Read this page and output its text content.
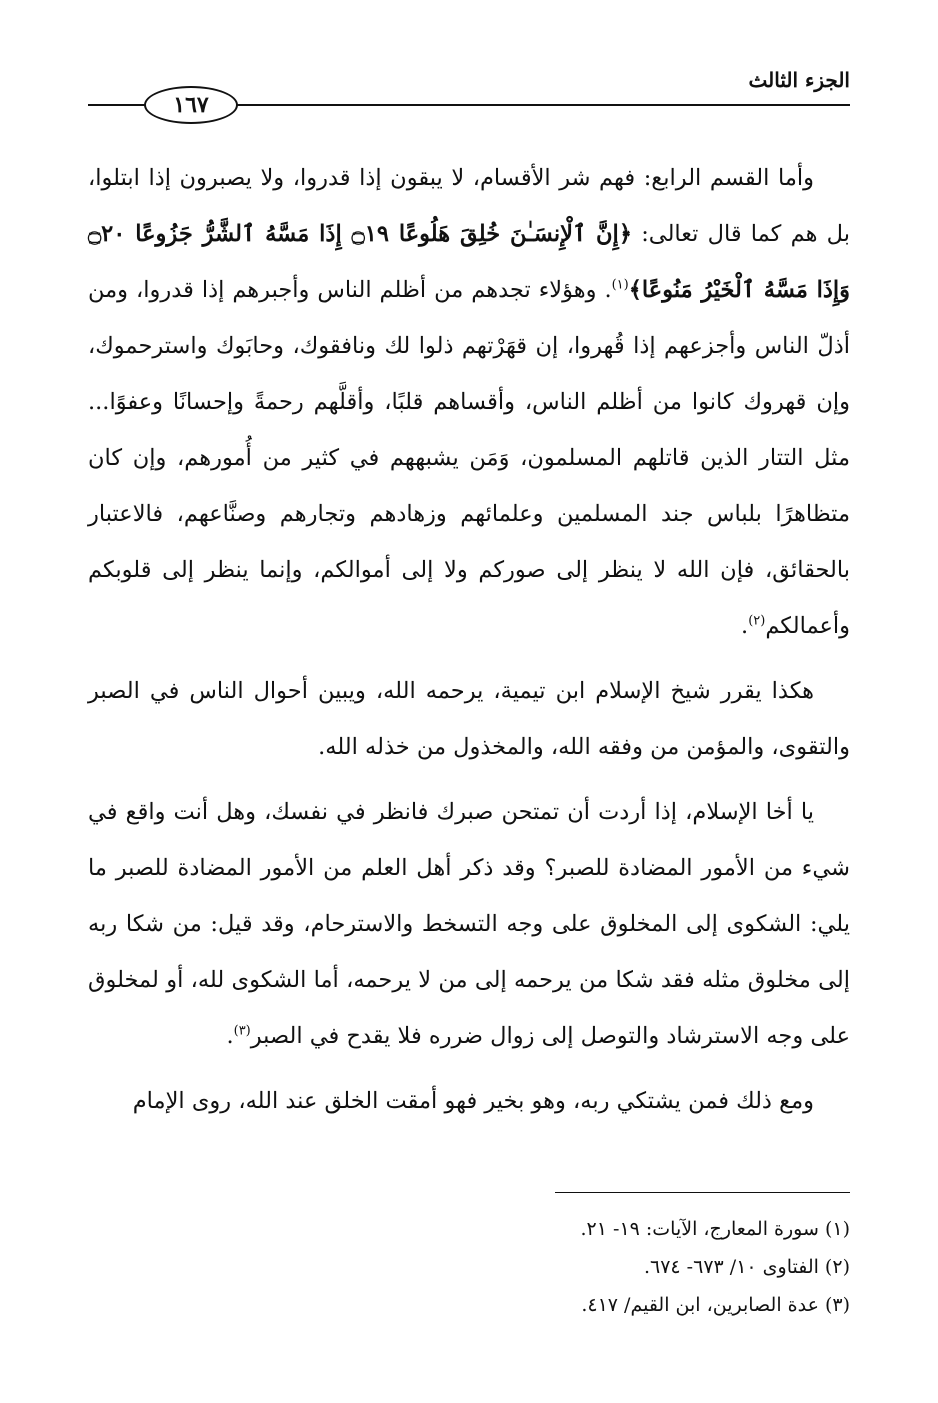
الجزء الثالث
١٦٧

وأما القسم الرابع: فهم شر الأقسام، لا يبقون إذا قدروا، ولا يصبرون إذا ابتلوا، بل هم كما قال تعالى: ﴿إِنَّ ٱلْإِنسَـٰنَ خُلِقَ هَلُوعًا ۝١٩ إِذَا مَسَّهُ ٱلشَّرُّ جَزُوعًا ۝٢٠ وَإِذَا مَسَّهُ ٱلْخَيْرُ مَنُوعًا﴾$^{(١)}$. وهؤلاء تجدهم من أظلم الناس وأجبرهم إذا قدروا، ومن أذلّ الناس وأجزعهم إذا قُهروا، إن قهَرْتهم ذلوا لك ونافقوك، وحابَوك واسترحموك، وإن قهروك كانوا من أظلم الناس، وأقساهم قلبًا، وأقلَّهم رحمةً وإحسانًا وعفوًا... مثل التتار الذين قاتلهم المسلمون، وَمَن يشبههم في كثير من أُمورهم، وإن كان متظاهرًا بلباس جند المسلمين وعلمائهم وزهادهم وتجارهم وصنَّاعهم، فالاعتبار بالحقائق، فإن الله لا ينظر إلى صوركم ولا إلى أموالكم، وإنما ينظر إلى قلوبكم وأعمالكم$^{(٢)}$.

هكذا يقرر شيخ الإسلام ابن تيمية، يرحمه الله، ويبين أحوال الناس في الصبر والتقوى، والمؤمن من وفقه الله، والمخذول من خذله الله.

يا أخا الإسلام، إذا أردت أن تمتحن صبرك فانظر في نفسك، وهل أنت واقع في شيء من الأمور المضادة للصبر؟ وقد ذكر أهل العلم من الأمور المضادة للصبر ما يلي: الشكوى إلى المخلوق على وجه التسخط والاسترحام، وقد قيل: من شكا ربه إلى مخلوق مثله فقد شكا من يرحمه إلى من لا يرحمه، أما الشكوى لله، أو لمخلوق على وجه الاسترشاد والتوصل إلى زوال ضرره فلا يقدح في الصبر$^{(٣)}$.

ومع ذلك فمن يشتكي ربه، وهو بخير فهو أمقت الخلق عند الله، روى الإمام

(١) سورة المعارج، الآيات: ١٩- ٢١.
(٢) الفتاوى ١٠/ ٦٧٣- ٦٧٤.
(٣) عدة الصابرين، ابن القيم/ ٤١٧.
